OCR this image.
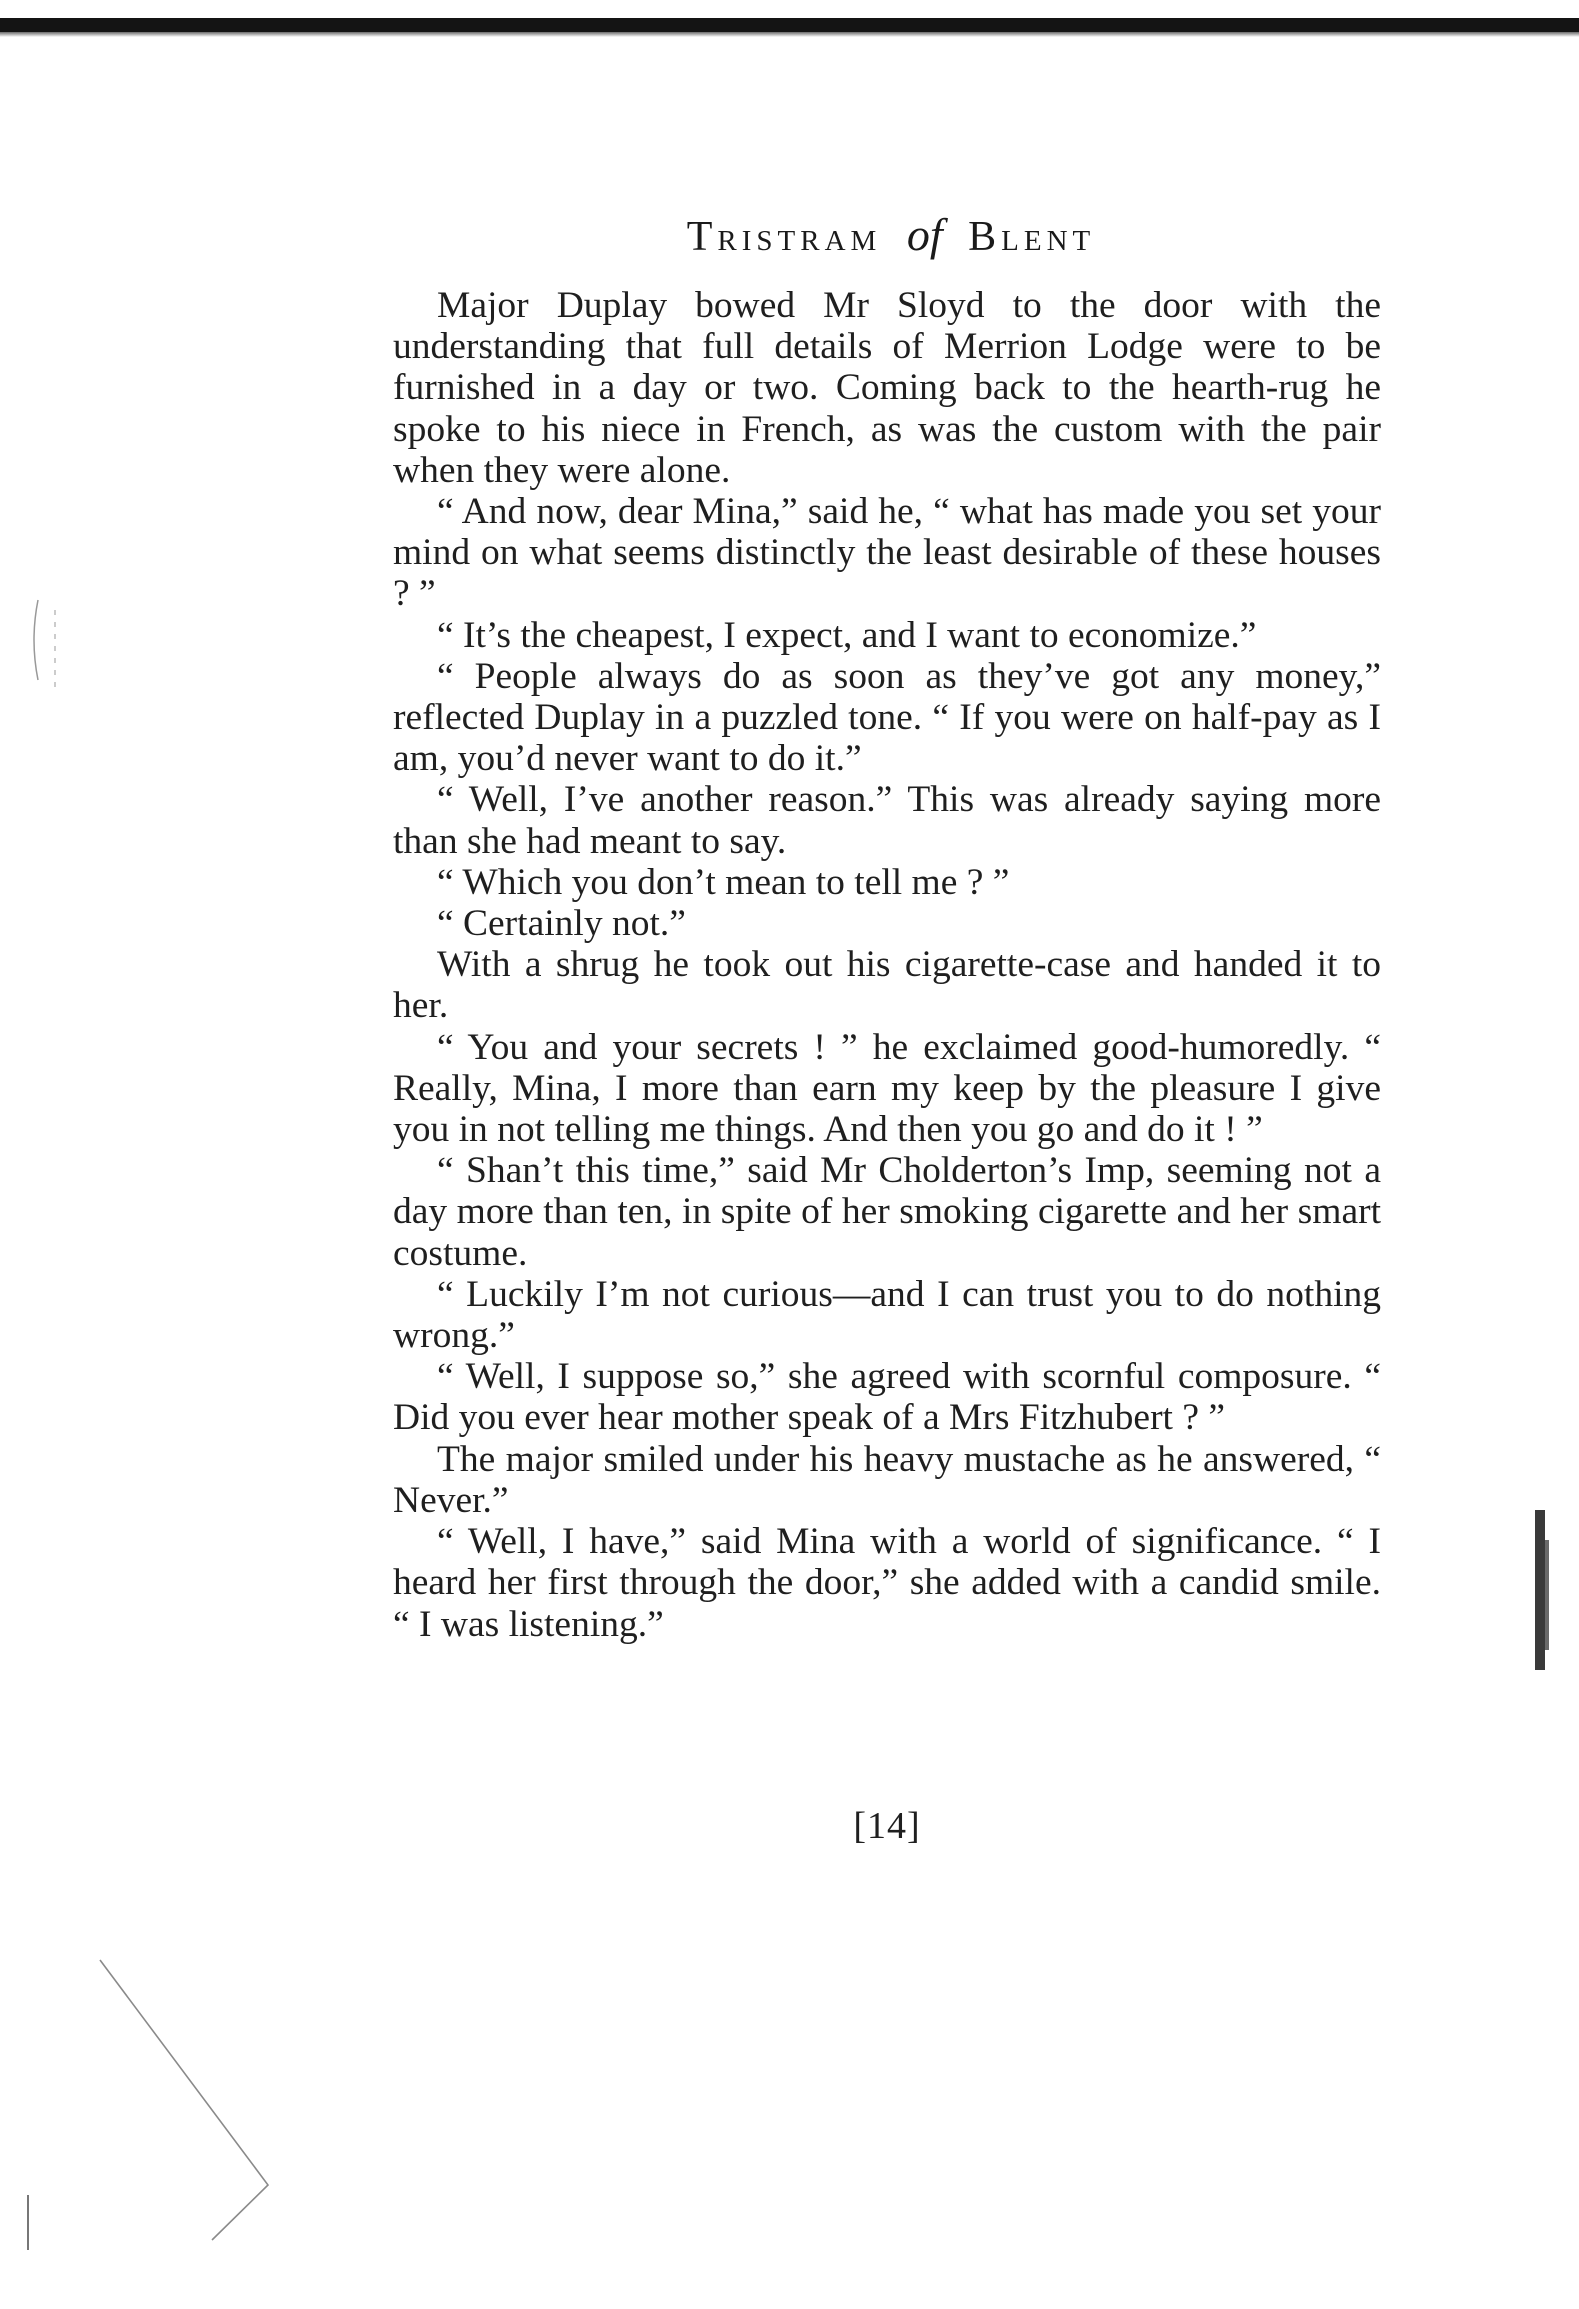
Tristram of Blent

Major Duplay bowed Mr Sloyd to the door with the understanding that full details of Merrion Lodge were to be furnished in a day or two. Coming back to the hearth-rug he spoke to his niece in French, as was the custom with the pair when they were alone.

“ And now, dear Mina,” said he, “ what has made you set your mind on what seems distinctly the least desirable of these houses ? ”

“ It’s the cheapest, I expect, and I want to economize.”

“ People always do as soon as they’ve got any money,” reflected Duplay in a puzzled tone. “ If you were on half-pay as I am, you’d never want to do it.”

“ Well, I’ve another reason.” This was already saying more than she had meant to say.

“ Which you don’t mean to tell me ? ”

“ Certainly not.”

With a shrug he took out his cigarette-case and handed it to her.

“ You and your secrets ! ” he exclaimed good-humoredly. “ Really, Mina, I more than earn my keep by the pleasure I give you in not telling me things. And then you go and do it ! ”

“ Shan’t this time,” said Mr Cholderton’s Imp, seeming not a day more than ten, in spite of her smoking cigarette and her smart costume.

“ Luckily I’m not curious—and I can trust you to do nothing wrong.”

“ Well, I suppose so,” she agreed with scornful composure. “ Did you ever hear mother speak of a Mrs Fitzhubert ? ”

The major smiled under his heavy mustache as he answered, “ Never.”

“ Well, I have,” said Mina with a world of significance. “ I heard her first through the door,” she added with a candid smile. “ I was listening.”

[14]
